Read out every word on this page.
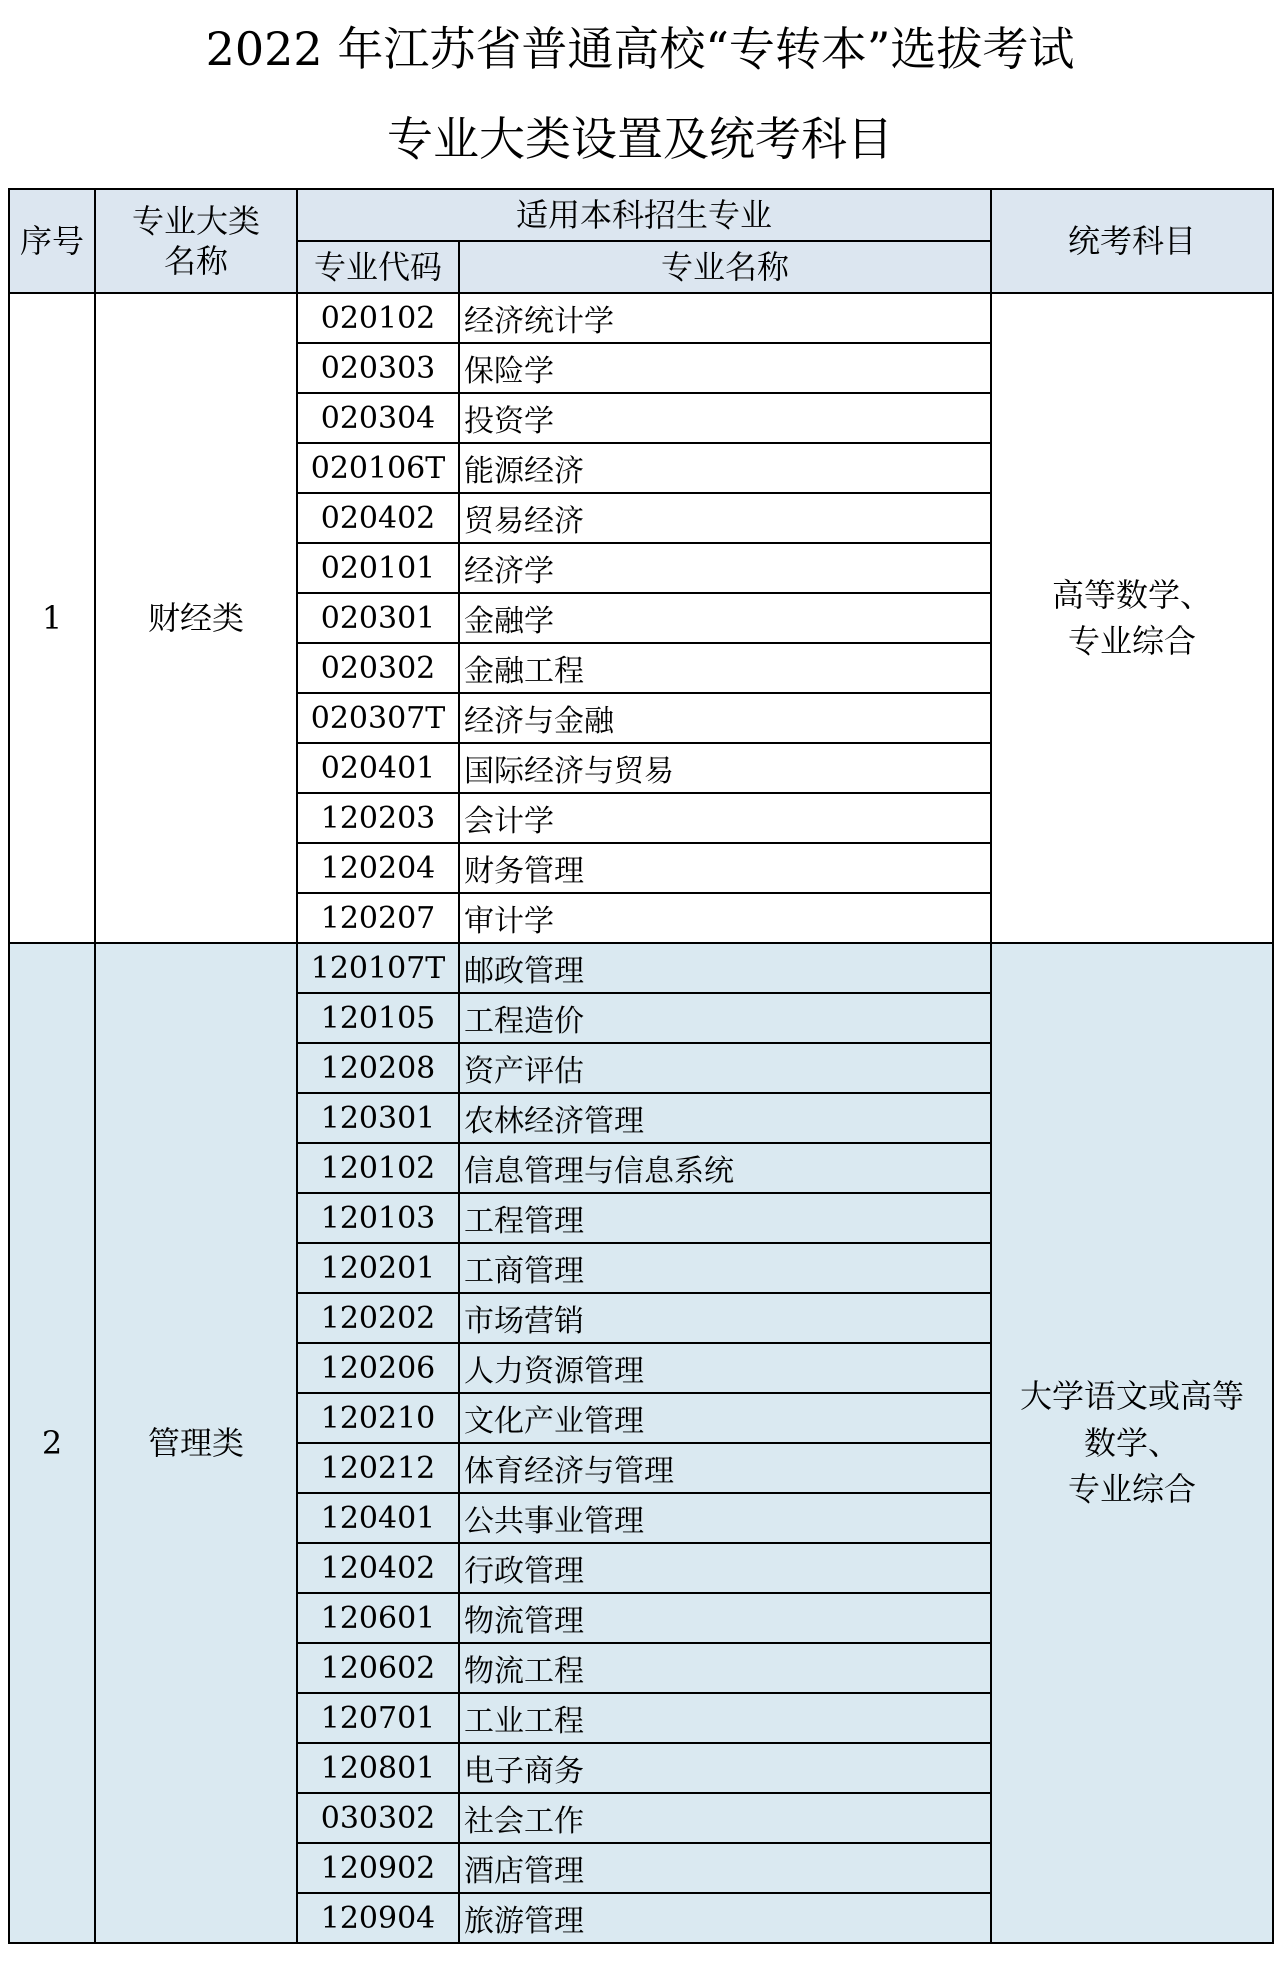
2022 年江苏省普通高校“专转本”选拔考试
专业大类设置及统考科目
序号	专业大类
名称	适用本科招生专业		统考科目
		专业代码	专业名称	
1	财经类	020102	经济统计学	高等数学、
专业综合

		020303	保险学	
		020304	投资学	
		020106T	能源经济	
		020402	贸易经济	
		020101	经济学	
		020301	金融学	
		020302	金融工程	
		020307T	经济与金融	
		020401	国际经济与贸易	
		120203	会计学	
		120204	财务管理	
		120207	审计学	
2	管理类	120107T	邮政管理	大学语文或高等
数学、
专业综合

		120105	工程造价	
		120208	资产评估	
		120301	农林经济管理	
		120102	信息管理与信息系统	
		120103	工程管理	
		120201	工商管理	
		120202	市场营销	
		120206	人力资源管理	
		120210	文化产业管理	
		120212	体育经济与管理	
		120401	公共事业管理	
		120402	行政管理	
		120601	物流管理	
		120602	物流工程	
		120701	工业工程	
		120801	电子商务	
		030302	社会工作	
		120902	酒店管理	
		120904	旅游管理	
